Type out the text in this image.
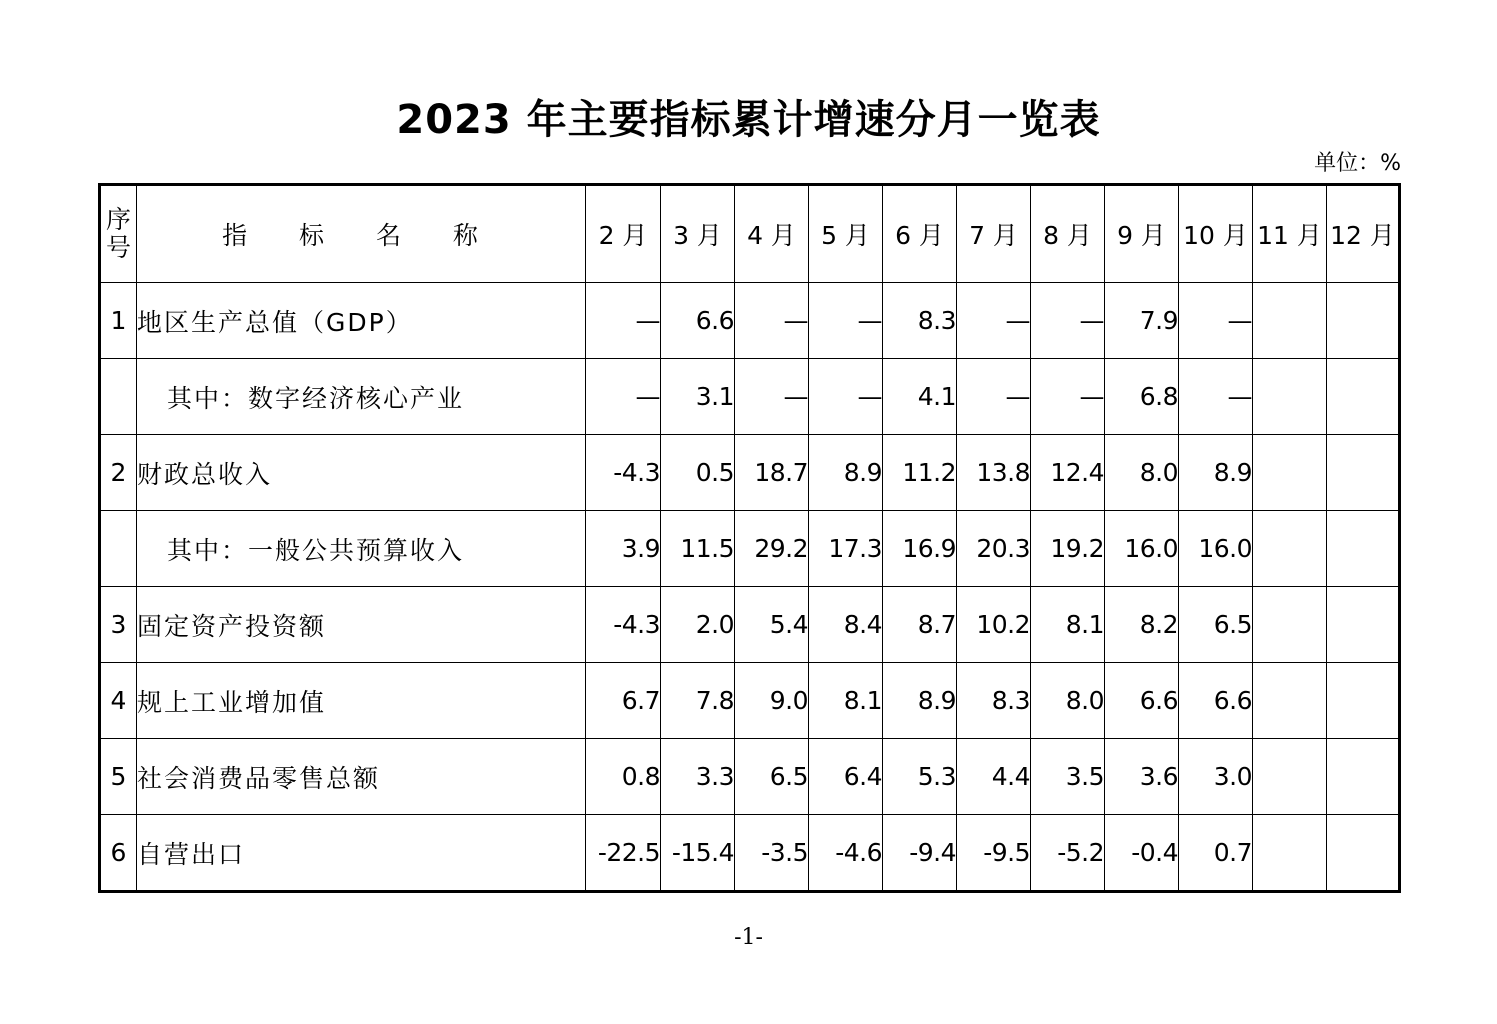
2023 年主要指标累计增速分月一览表
单位：%
序
号	指 标 名 称	2 月	3 月	4 月	5 月	6 月	7 月	8 月	9 月	10 月	11 月	12 月
1	地区生产总值（GDP）	—	6.6	—	—	8.3	—	—	7.9	—		
	其中：数字经济核心产业	—	3.1	—	—	4.1	—	—	6.8	—		
2	财政总收入	-4.3	0.5	18.7	8.9	11.2	13.8	12.4	8.0	8.9		
	其中：一般公共预算收入	3.9	11.5	29.2	17.3	16.9	20.3	19.2	16.0	16.0		
3	固定资产投资额	-4.3	2.0	5.4	8.4	8.7	10.2	8.1	8.2	6.5		
4	规上工业增加值	6.7	7.8	9.0	8.1	8.9	8.3	8.0	6.6	6.6		
5	社会消费品零售总额	0.8	3.3	6.5	6.4	5.3	4.4	3.5	3.6	3.0		
6	自营出口	-22.5	-15.4	-3.5	-4.6	-9.4	-9.5	-5.2	-0.4	0.7		
-1-
